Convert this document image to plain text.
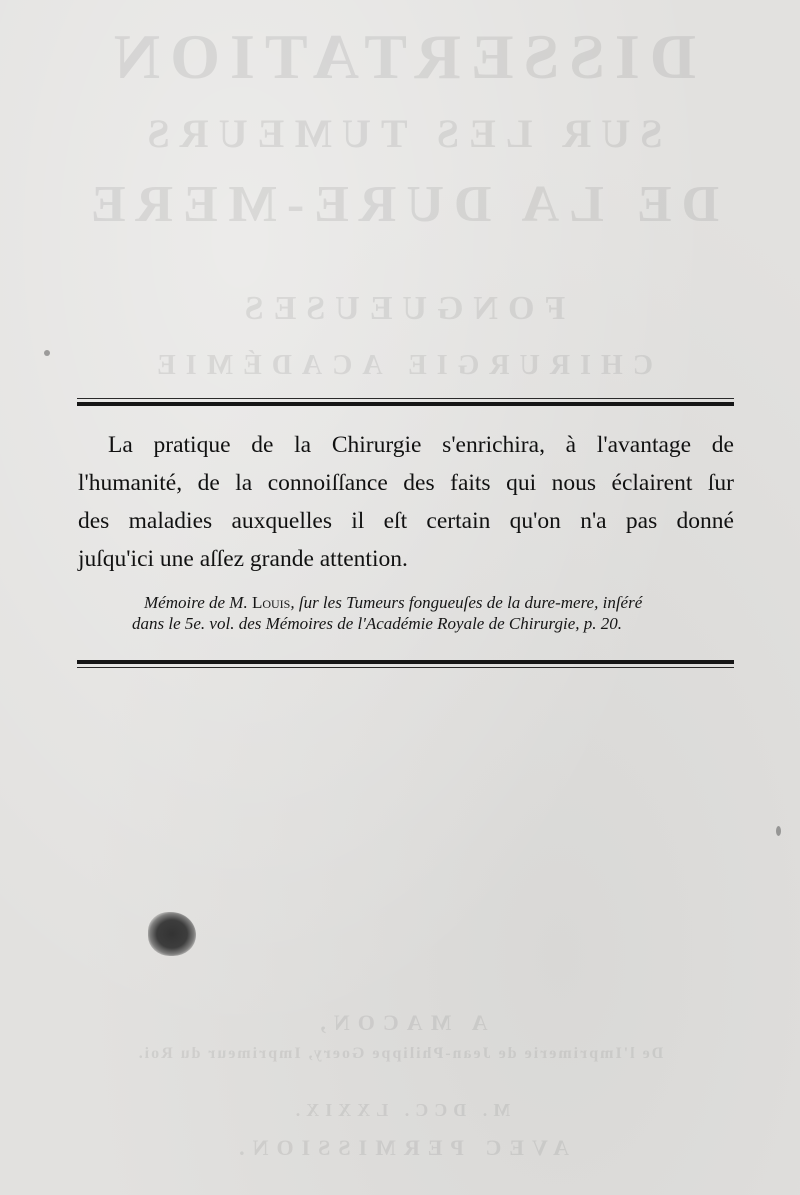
DISSERTATION
SUR LES TUMEURS
DE LA DURE-MERE
FONGUEUSES
CHIRURGIE ACADÉMIE
A MACON,
De l'Imprimerie de Jean-Philippe Goery, Imprimeur du Roi.
M. DCC. LXXIX.
AVEC PERMISSION.
La pratique de la Chirurgie s'enrichira, à l'avantage de
l'humanité, de la connoiſſance des faits qui nous éclairent ſur
des maladies auxquelles il eſt certain qu'on n'a pas donné
juſqu'ici une aſſez grande attention.
Mémoire de M. Louis, ſur les Tumeurs fongueuſes de la dure-mere, inſéré
dans le 5e. vol. des Mémoires de l'Académie Royale de Chirurgie, p. 20.
